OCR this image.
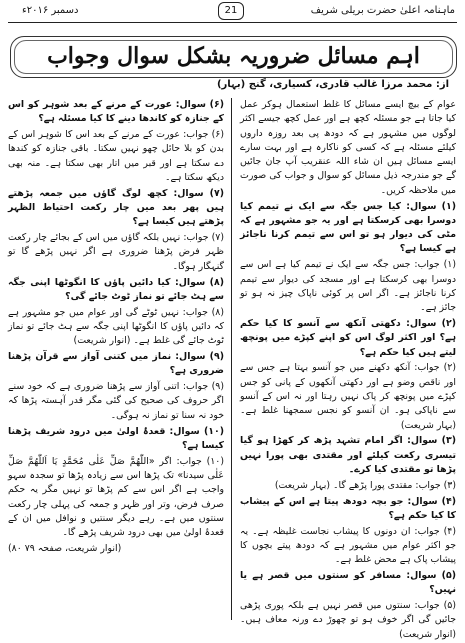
دسمبر ۲۰۱۶ء	21	ماہنامہ اعلیٰ حضرت بریلی شریف
اہم مسائل ضروریہ بشکل سوال وجواب
از: محمد مرزا غالب قادری، کسیاری، گنج (بہار)

عوام کے بیچ ایسے مسائل کا غلط استعمال ہوکر عمل کیا جاتا ہے جو مسئلہ کچھ ہے اور عمل کچھ جیسے اکثر لوگوں میں مشہور ہے کہ دودھ پی بعد روزہ داروں کیلئے مسئلہ ہے کہ کسی کو ناکارہ ہے اور بہت سارے ایسے مسائل ہیں ان شاء اللہ عنقریب آپ جان جائیں گے جو مندرجہ ذیل مسائل کو سوال و جواب کی صورت میں ملاحظہ کریں۔

(۱) سوال: کیا جس جگہ سے ایک نے تیمم کیا دوسرا بھی کرسکتا ہے اور یہ جو مشہور ہے کہ مٹی کی دیوار ہو تو اس سے تیمم کرنا ناجائز ہے کیسا ہے؟

(۱) جواب: جس جگہ سے ایک نے تیمم کیا ہے اس سے دوسرا بھی کرسکتا ہے اور مسجد کی دیوار سے تیمم کرنا ناجائز ہے۔ اگر اس پر کوئی ناپاک چیز نہ ہو تو جائز ہے۔

(۲) سوال: دکھتی آنکھ سے آنسو کا کیا حکم ہے؟ اور اکثر لوگ اس کو اپنے کپڑے میں پونچھ لیتے ہیں کیا حکم ہے؟

(۲) جواب: آنکھ دکھنے میں جو آنسو بہتا ہے جس سے اور ناقص وضو ہے اور دکھتی آنکھوں کے پانی کو جس کپڑے میں پونچھ کر پاک نہیں رہتا اور نہ اس کے آنسو سے ناپاکی ہو۔ ان آنسو کو نجس سمجھنا غلط ہے۔ (بہار شریعت)

(۳) سوال: اگر امام تشہد پڑھ کر کھڑا ہو گیا تیسری رکعت کیلئے اور مقتدی بھی پورا نہیں پڑھا تو مقتدی کیا کرے۔

(۳) جواب: مقتدی پورا پڑھے گا۔ (بہار شریعت)

(۴) سوال: جو بچہ دودھ پیتا ہے اس کے پیشاب کا کیا حکم ہے؟

(۴) جواب: ان دونوں کا پیشاب نجاست غلیظہ ہے۔ یہ جو اکثر عوام میں مشہور ہے کہ دودھ پیتے بچوں کا پیشاب پاک ہے محض غلط ہے۔

(۵) سوال: مسافر کو سنتوں میں قصر ہے یا نہیں؟

(۵) جواب: سنتوں میں قصر نہیں ہے بلکہ پوری پڑھی جائیں گی اگر خوف ہو تو چھوڑ دے ورنہ معاف ہیں۔ (انوار شریعت)

(۶) سوال: عورت کے مرنے کے بعد شوہر کو اس کے جنازہ کو کاندھا دینے کا کیا مسئلہ ہے؟

(۶) جواب: عورت کے مرنے کے بعد اس کا شوہر اس کے بدن کو بلا حائل چھو نہیں سکتا۔ باقی جنازہ کو کندھا دے سکتا ہے اور قبر میں اتار بھی سکتا ہے۔ منہ بھی دیکھ سکتا ہے۔

(۷) سوال: کچھ لوگ گاؤں میں جمعہ پڑھتے ہیں پھر بعد میں چار رکعت احتیاط الظہر پڑھتے ہیں کیسا ہے؟

(۷) جواب: نہیں بلکہ گاؤں میں اس کے بجائے چار رکعت ظہر فرض پڑھنا ضروری ہے اگر نہیں پڑھے گا تو گنہگار ہوگا۔

(۸) سوال: کیا دائیں پاؤں کا انگوٹھا اپنی جگہ سے ہٹ جائے تو نماز ٹوٹ جائے گی؟

(۸) جواب: نہیں ٹوٹے گی اور عوام میں جو مشہور ہے کہ دائیں پاؤں کا انگوٹھا اپنی جگہ سے ہٹ جائے تو نماز ٹوٹ جائے گی غلط ہے۔ (انوار شریعت)

(۹) سوال: نماز میں کتنی آواز سے قرآن پڑھنا ضروری ہے؟

(۹) جواب: اتنی آواز سے پڑھنا ضروری ہے کہ خود سنے اگر حروف کی صحیح کی گئی مگر قدر آہستہ پڑھا کہ خود نہ سنا تو نماز نہ ہوگی۔

(۱۰) سوال: قعدۂ اولیٰ میں درود شریف پڑھنا کیسا ہے؟

(۱۰) جواب: اگر «اللّٰھُمَّ صَلِّ عَلٰی مُحَمَّدٍ یَا اَللّٰھُمَّ صَلِّ عَلٰی سیدنا» تک پڑھا اس سے زیادہ پڑھا تو سجدہ سہو واجب ہے اگر اس سے کم پڑھا تو نہیں مگر یہ حکم صرف فرض، وتر اور ظہر و جمعہ کی پہلی چار رکعت سنتوں میں ہے۔ رہے دیگر سنتیں و نوافل میں ان کے قعدۂ اولیٰ میں بھی درود شریف پڑھے گا۔

(انوار شریعت، صفحہ ۷۹ ۸۰)
